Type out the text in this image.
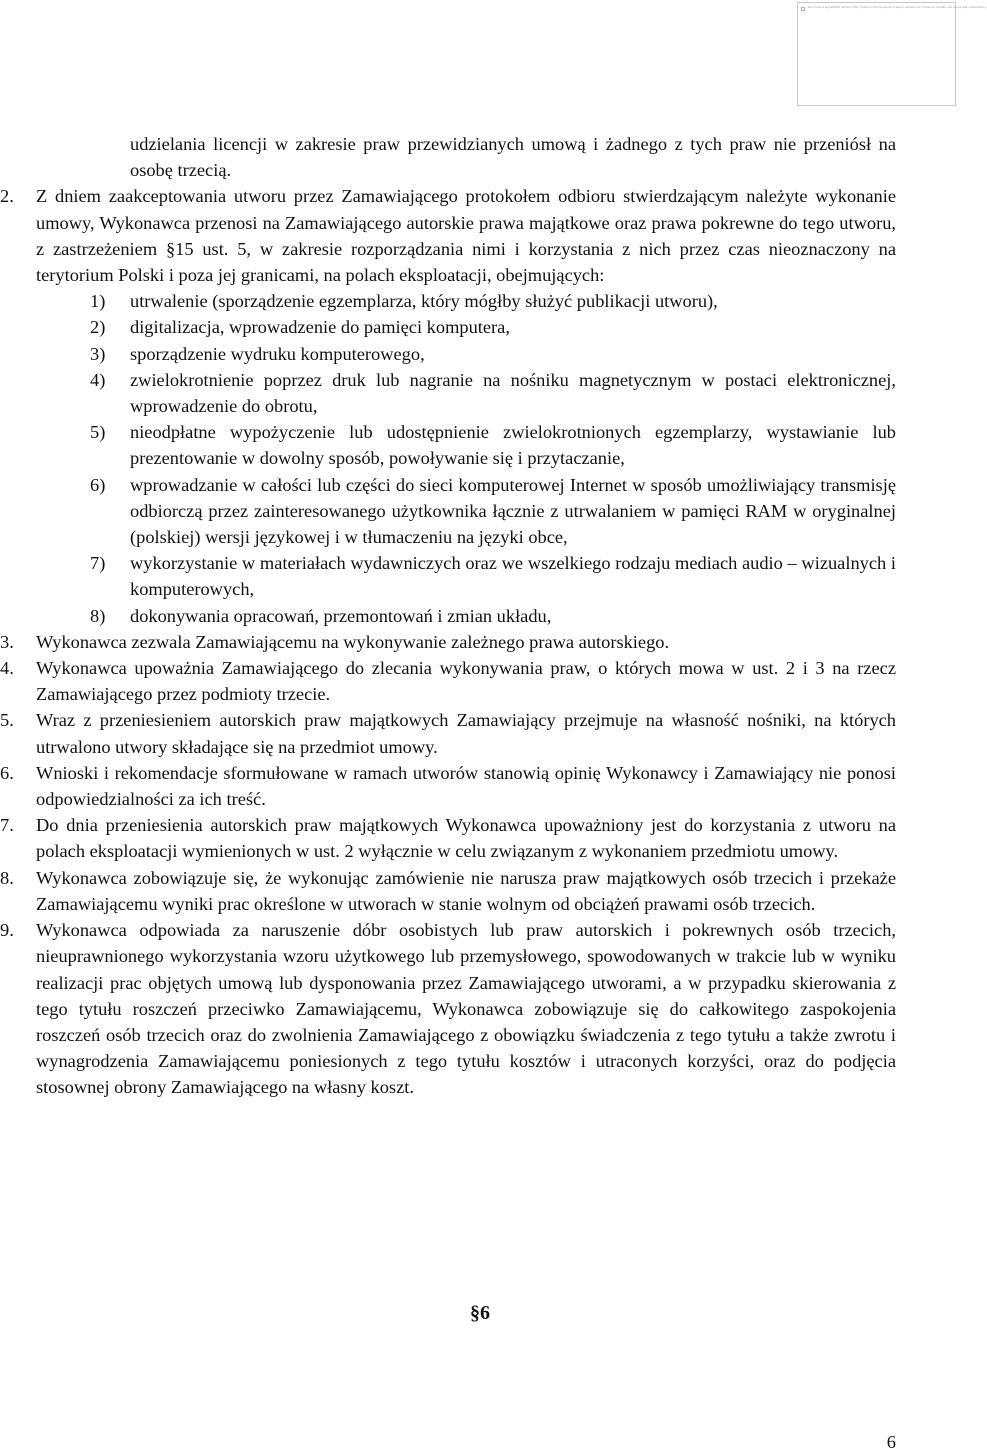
Nie można wyświetlić obrazu. Być może na komputerze brakuje pamięci do otwarcia obrazu lub obraz jest uszkodzony.

udzielania licencji w zakresie praw przewidzianych umową i żadnego z tych praw nie przeniósł na osobę trzecią.

2.	Z dniem zaakceptowania utworu przez Zamawiającego protokołem odbioru stwierdzającym należyte wykonanie umowy, Wykonawca przenosi na Zamawiającego autorskie prawa majątkowe oraz prawa pokrewne do tego utworu, z zastrzeżeniem §15 ust. 5, w zakresie rozporządzania nimi i korzystania z nich przez czas nieoznaczony na terytorium Polski i poza jej granicami, na polach eksploatacji, obejmujących:

1)	utrwalenie (sporządzenie egzemplarza, który mógłby służyć publikacji utworu),
2)	digitalizacja, wprowadzenie do pamięci komputera,
3)	sporządzenie wydruku komputerowego,
4)	zwielokrotnienie poprzez druk lub nagranie na nośniku magnetycznym w postaci elektronicznej, wprowadzenie do obrotu,
5)	nieodpłatne wypożyczenie lub udostępnienie zwielokrotnionych egzemplarzy, wystawianie lub prezentowanie w dowolny sposób, powoływanie się i przytaczanie,
6)	wprowadzanie w całości lub części do sieci komputerowej Internet w sposób umożliwiający transmisję odbiorczą przez zainteresowanego użytkownika łącznie z utrwalaniem w pamięci RAM w oryginalnej (polskiej) wersji językowej i w tłumaczeniu na języki obce,
7)	wykorzystanie w materiałach wydawniczych oraz we wszelkiego rodzaju mediach audio – wizualnych i komputerowych,
8)	dokonywania opracowań, przemontowań i zmian układu,
3.	Wykonawca zezwala Zamawiającemu na wykonywanie zależnego prawa autorskiego.

4.	Wykonawca upoważnia Zamawiającego do zlecania wykonywania praw, o których mowa w ust. 2 i 3 na rzecz Zamawiającego przez podmioty trzecie.

5.	Wraz z przeniesieniem autorskich praw majątkowych Zamawiający przejmuje na własność nośniki, na których utrwalono utwory składające się na przedmiot umowy.

6.	Wnioski i rekomendacje sformułowane w ramach utworów stanowią opinię Wykonawcy i Zamawiający nie ponosi odpowiedzialności za ich treść.

7.	Do dnia przeniesienia autorskich praw majątkowych Wykonawca upoważniony jest do korzystania z utworu na polach eksploatacji wymienionych w ust. 2 wyłącznie w celu związanym z wykonaniem przedmiotu umowy.

8.	Wykonawca zobowiązuje się, że wykonując zamówienie nie narusza praw majątkowych osób trzecich i przekaże Zamawiającemu wyniki prac określone w utworach w stanie wolnym od obciążeń prawami osób trzecich.

9.	Wykonawca odpowiada za naruszenie dóbr osobistych lub praw autorskich i pokrewnych osób trzecich, nieuprawnionego wykorzystania wzoru użytkowego lub przemysłowego, spowodowanych w trakcie lub w wyniku realizacji prac objętych umową lub dysponowania przez Zamawiającego utworami, a w przypadku skierowania z tego tytułu roszczeń przeciwko Zamawiającemu, Wykonawca zobowiązuje się do całkowitego zaspokojenia roszczeń osób trzecich oraz do zwolnienia Zamawiającego z obowiązku świadczenia z tego tytułu a także zwrotu i wynagrodzenia Zamawiającemu poniesionych z tego tytułu kosztów i utraconych korzyści, oraz do podjęcia stosownej obrony Zamawiającego na własny koszt.

§6
6
